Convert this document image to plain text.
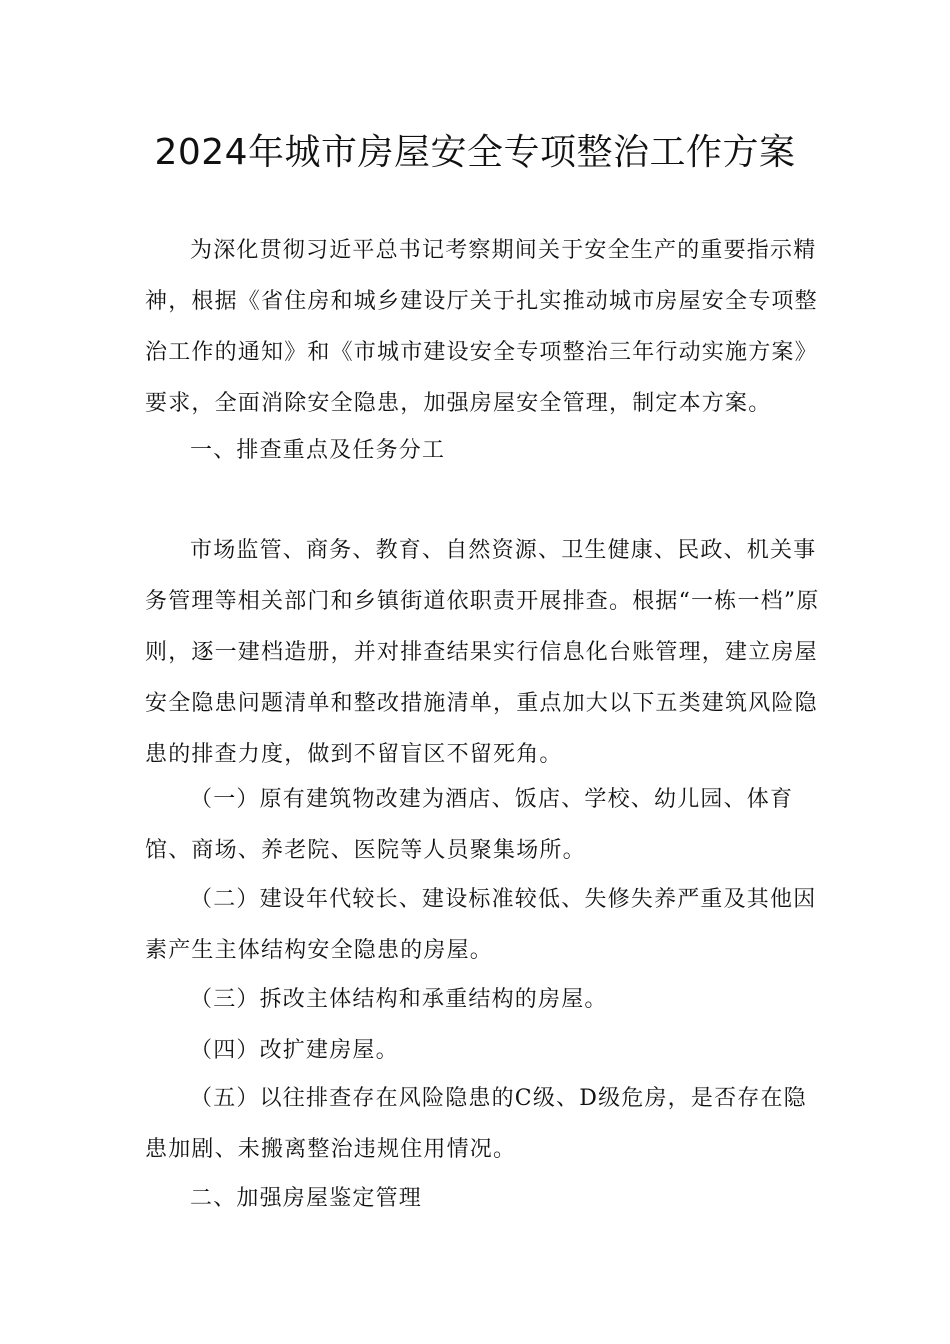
2024年城市房屋安全专项整治工作方案

为深化贯彻习近平总书记考察期间关于安全生产的重要指示精神，根据《省住房和城乡建设厅关于扎实推动城市房屋安全专项整治工作的通知》和《市城市建设安全专项整治三年行动实施方案》要求，全面消除安全隐患，加强房屋安全管理，制定本方案。

一、排查重点及任务分工

市场监管、商务、教育、自然资源、卫生健康、民政、机关事务管理等相关部门和乡镇街道依职责开展排查。根据“一栋一档”原则，逐一建档造册，并对排查结果实行信息化台账管理，建立房屋安全隐患问题清单和整改措施清单，重点加大以下五类建筑风险隐患的排查力度，做到不留盲区不留死角。

（一）原有建筑物改建为酒店、饭店、学校、幼儿园、体育馆、商场、养老院、医院等人员聚集场所。

（二）建设年代较长、建设标准较低、失修失养严重及其他因素产生主体结构安全隐患的房屋。

（三）拆改主体结构和承重结构的房屋。

（四）改扩建房屋。

（五）以往排查存在风险隐患的C级、D级危房，是否存在隐患加剧、未搬离整治违规住用情况。

二、加强房屋鉴定管理
